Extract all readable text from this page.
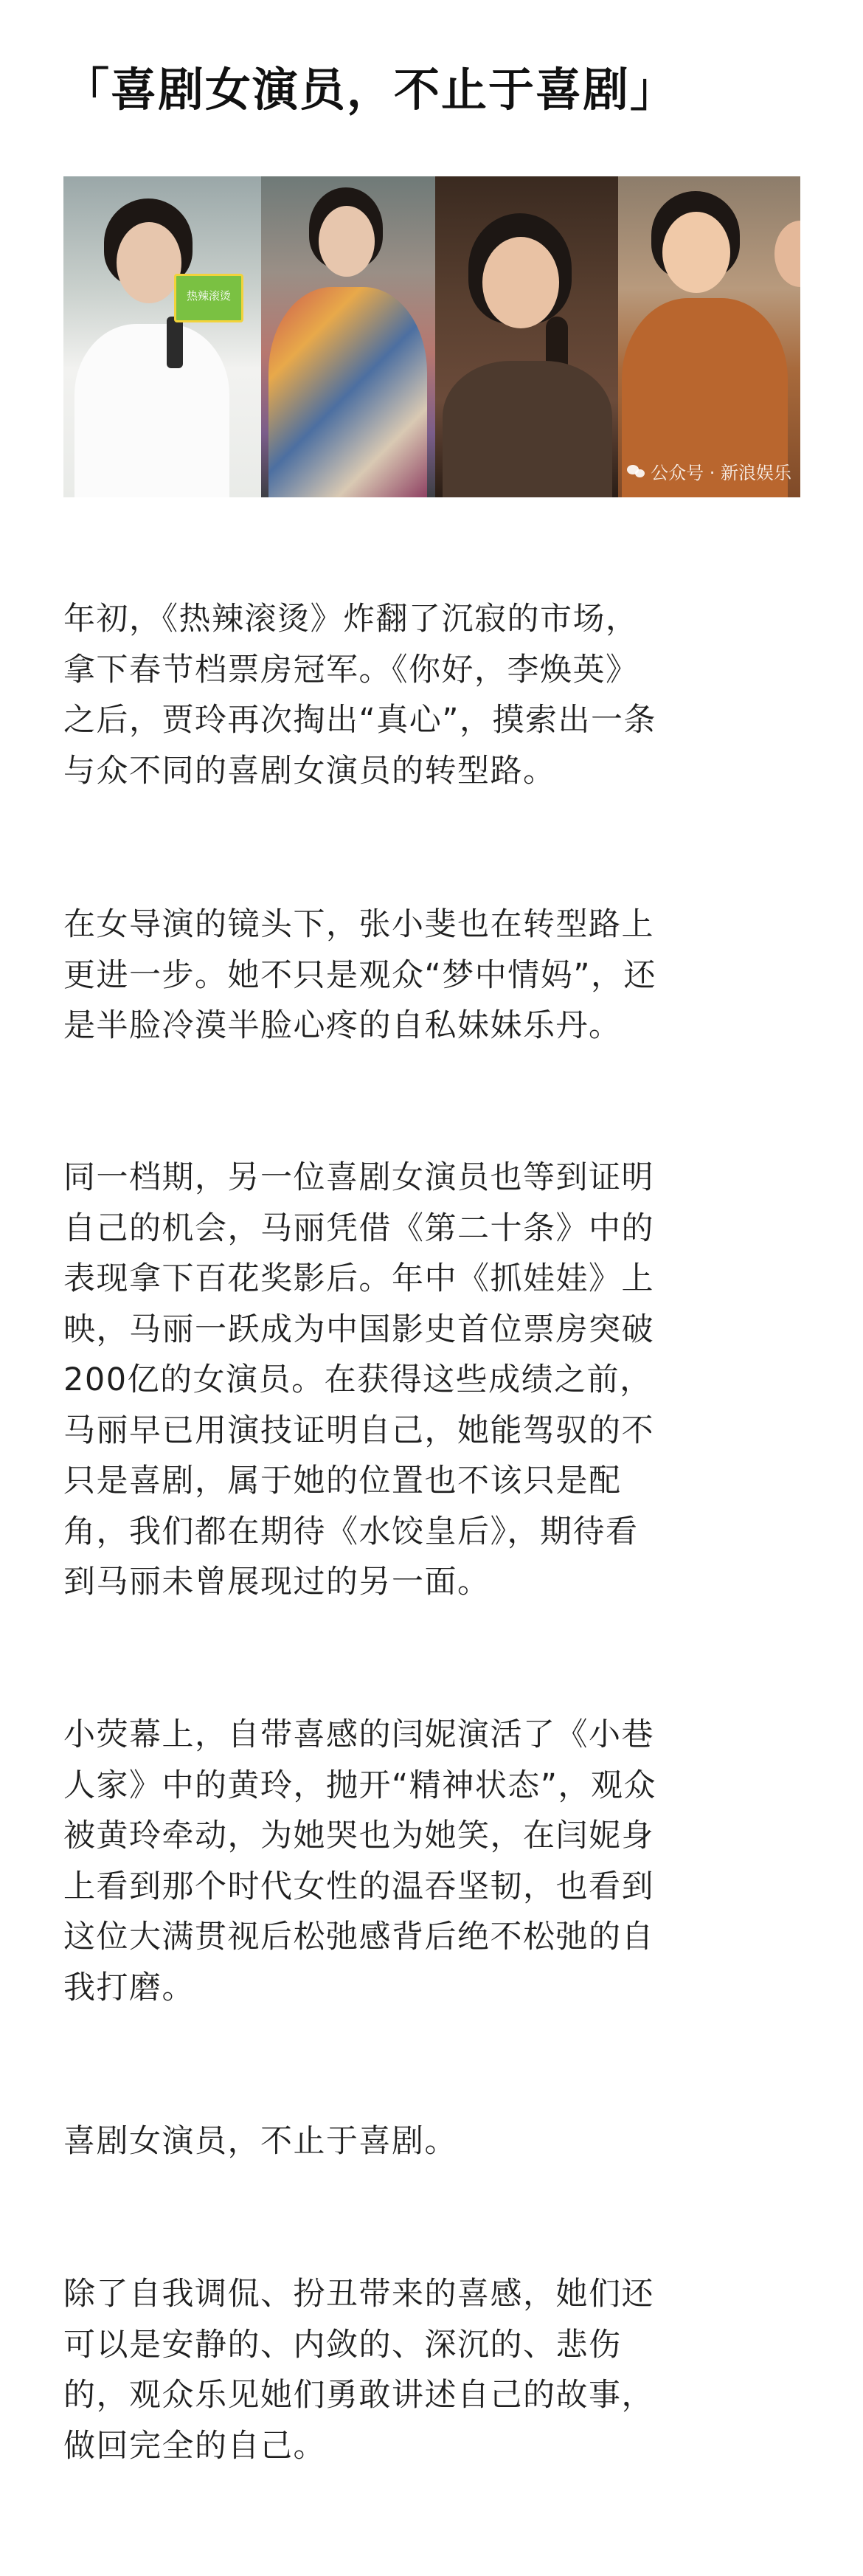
「喜剧女演员，不止于喜剧」
热辣滚烫
公众号 · 新浪娱乐
年初，《热辣滚烫》炸翻了沉寂的市场，
拿下春节档票房冠军。《你好，李焕英》
之后，贾玲再次掏出“真心”，摸索出一条
与众不同的喜剧女演员的转型路。
在女导演的镜头下，张小斐也在转型路上
更进一步。她不只是观众“梦中情妈”，还
是半脸冷漠半脸心疼的自私妹妹乐丹。
同一档期，另一位喜剧女演员也等到证明
自己的机会，马丽凭借《第二十条》中的
表现拿下百花奖影后。年中《抓娃娃》上
映，马丽一跃成为中国影史首位票房突破
200亿的女演员。在获得这些成绩之前，
马丽早已用演技证明自己，她能驾驭的不
只是喜剧，属于她的位置也不该只是配
角，我们都在期待《水饺皇后》，期待看
到马丽未曾展现过的另一面。
小荧幕上，自带喜感的闫妮演活了《小巷
人家》中的黄玲，抛开“精神状态”，观众
被黄玲牵动，为她哭也为她笑，在闫妮身
上看到那个时代女性的温吞坚韧，也看到
这位大满贯视后松弛感背后绝不松弛的自
我打磨。
喜剧女演员，不止于喜剧。
除了自我调侃、扮丑带来的喜感，她们还
可以是安静的、内敛的、深沉的、悲伤
的，观众乐见她们勇敢讲述自己的故事，
做回完全的自己。
